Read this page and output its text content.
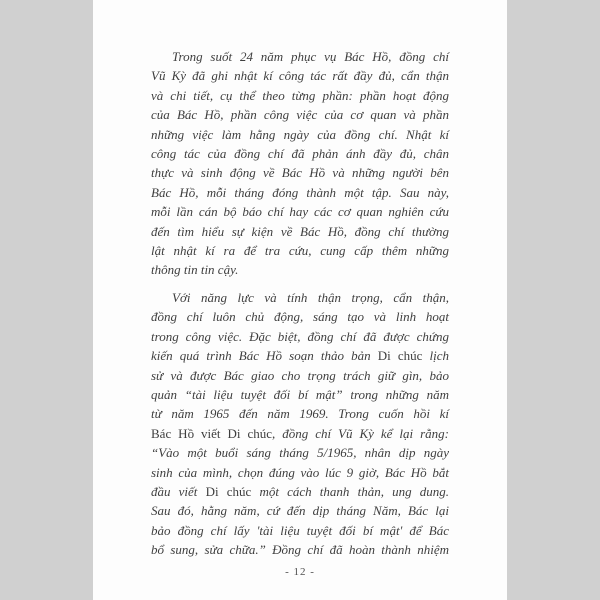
Trong suốt 24 năm phục vụ Bác Hồ, đồng chí
Vũ Kỳ đã ghi nhật kí công tác rất đầy đủ, cẩn thận
và chi tiết, cụ thể theo từng phần: phần hoạt động
của Bác Hồ, phần công việc của cơ quan và phần
những việc làm hằng ngày của đồng chí. Nhật kí
công tác của đồng chí đã phản ánh đầy đủ, chân
thực và sinh động về Bác Hồ và những người bên
Bác Hồ, mỗi tháng đóng thành một tập. Sau này,
mỗi lần cán bộ báo chí hay các cơ quan nghiên cứu
đến tìm hiểu sự kiện về Bác Hồ, đồng chí thường
lật nhật kí ra để tra cứu, cung cấp thêm những
thông tin tin cậy.
Với năng lực và tính thận trọng, cẩn thận,
đồng chí luôn chủ động, sáng tạo và linh hoạt
trong công việc. Đặc biệt, đồng chí đã được chứng
kiến quá trình Bác Hồ soạn thảo bản Di chúc lịch
sử và được Bác giao cho trọng trách giữ gìn, bảo
quản “tài liệu tuyệt đối bí mật” trong những năm
từ năm 1965 đến năm 1969. Trong cuốn hồi kí
Bác Hồ viết Di chúc, đồng chí Vũ Kỳ kể lại rằng:
“Vào một buổi sáng tháng 5/1965, nhân dịp ngày
sinh của mình, chọn đúng vào lúc 9 giờ, Bác Hồ bắt
đầu viết Di chúc một cách thanh thản, ung dung.
Sau đó, hằng năm, cứ đến dịp tháng Năm, Bác lại
bảo đồng chí lấy 'tài liệu tuyệt đối bí mật' để Bác
bổ sung, sửa chữa.” Đồng chí đã hoàn thành nhiệm
- 12 -
